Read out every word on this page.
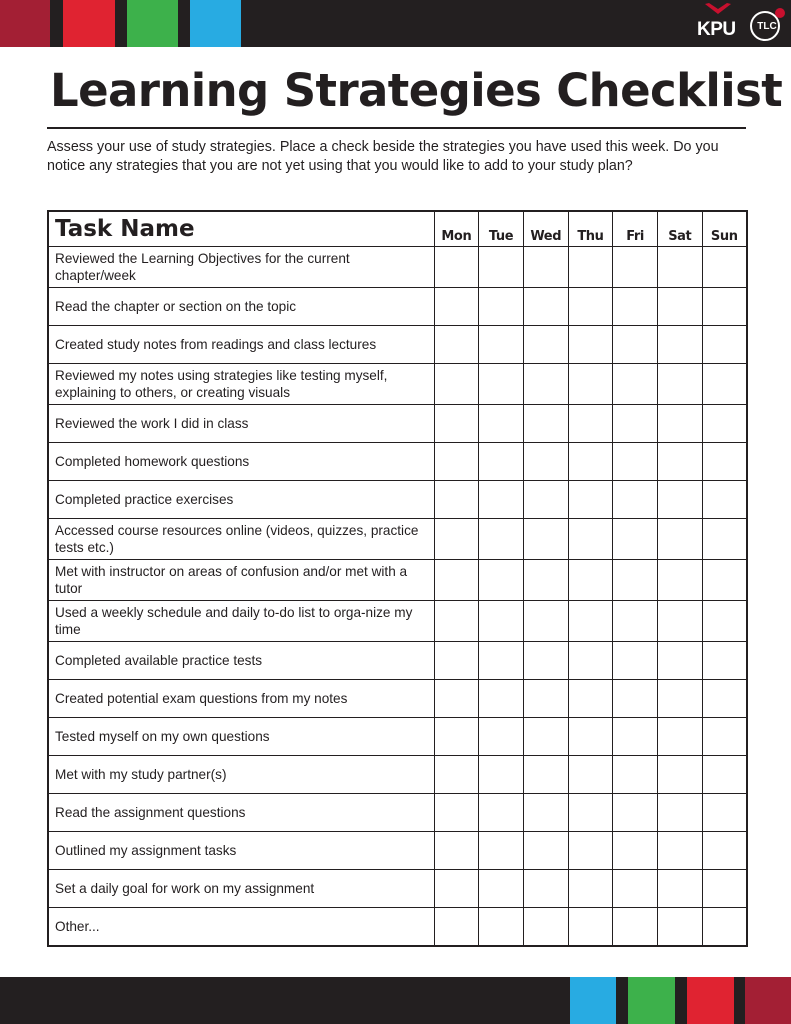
KPU	TLC
Learning Strategies Checklist

Assess your use of study strategies. Place a check beside the strategies you have used this week. Do you notice any strategies that you are not yet using that you would like to add to your study plan?

Task Name	Mon	Tue	Wed	Thu	Fri	Sat	Sun
Reviewed the Learning Objectives for the current chapter/week							
Read the chapter or section on the topic							
Created study notes from readings and class lectures							
Reviewed my notes using strategies like testing myself, explaining to others, or creating visuals							
Reviewed the work I did in class							
Completed homework questions							
Completed practice exercises							
Accessed course resources online (videos, quizzes, practice tests etc.)							
Met with instructor on areas of confusion and/or met with a tutor							
Used a weekly schedule and daily to-do list to orga-nize my time							
Completed available practice tests							
Created potential exam questions from my notes							
Tested myself on my own questions							
Met with my study partner(s)							
Read the assignment questions							
Outlined my assignment tasks							
Set a daily goal for work on my assignment							
Other...							
